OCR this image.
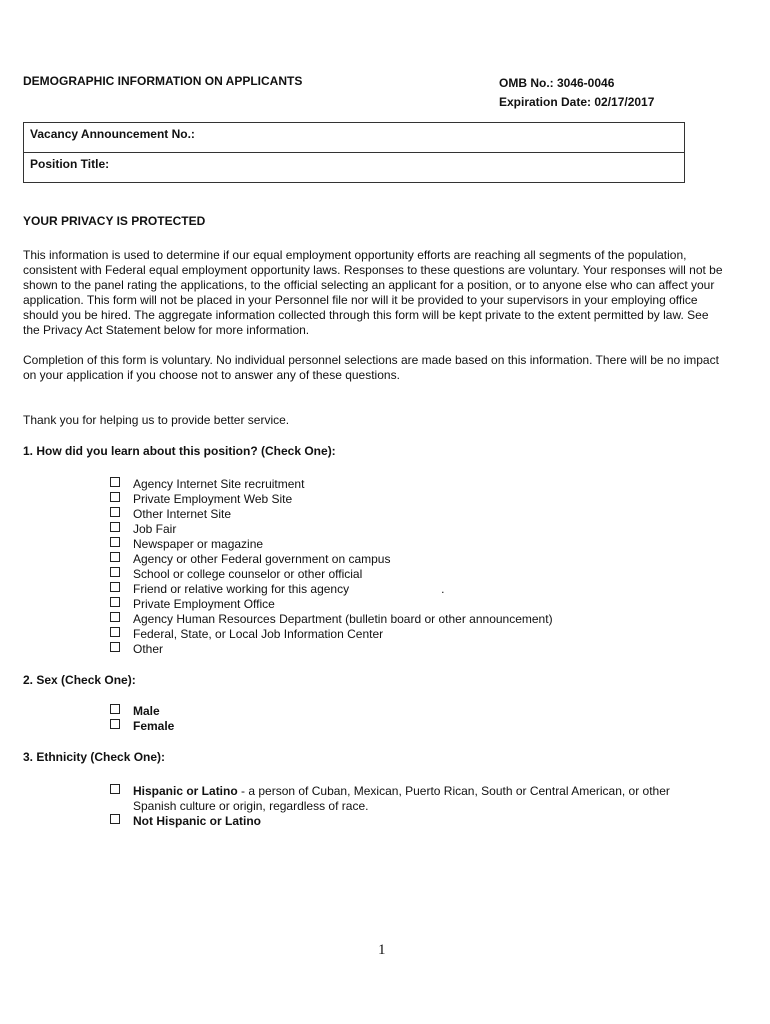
DEMOGRAPHIC INFORMATION ON APPLICANTS	OMB No.: 3046-0046
Expiration Date: 02/17/2017
Vacancy Announcement No.:
Position Title:
YOUR PRIVACY IS PROTECTED
This information is used to determine if our equal employment opportunity efforts are reaching all segments of the population, consistent with Federal equal employment opportunity laws. Responses to these questions are voluntary. Your responses will not be shown to the panel rating the applications, to the official selecting an applicant for a position, or to anyone else who can affect your application. This form will not be placed in your Personnel file nor will it be provided to your supervisors in your employing office should you be hired. The aggregate information collected through this form will be kept private to the extent permitted by law. See the Privacy Act Statement below for more information.
Completion of this form is voluntary. No individual personnel selections are made based on this information. There will be no impact on your application if you choose not to answer any of these questions.
Thank you for helping us to provide better service.
1. How did you learn about this position? (Check One):
Agency Internet Site recruitment
Private Employment Web Site
Other Internet Site
Job Fair
Newspaper or magazine
Agency or other Federal government on campus
School or college counselor or other official
Friend or relative working for this agency	.
Private Employment Office
Agency Human Resources Department (bulletin board or other announcement)
Federal, State, or Local Job Information Center
Other
2. Sex (Check One):
Male
Female
3. Ethnicity (Check One):
Hispanic or Latino - a person of Cuban, Mexican, Puerto Rican, South or Central American, or other Spanish culture or origin, regardless of race.
Not Hispanic or Latino
1
